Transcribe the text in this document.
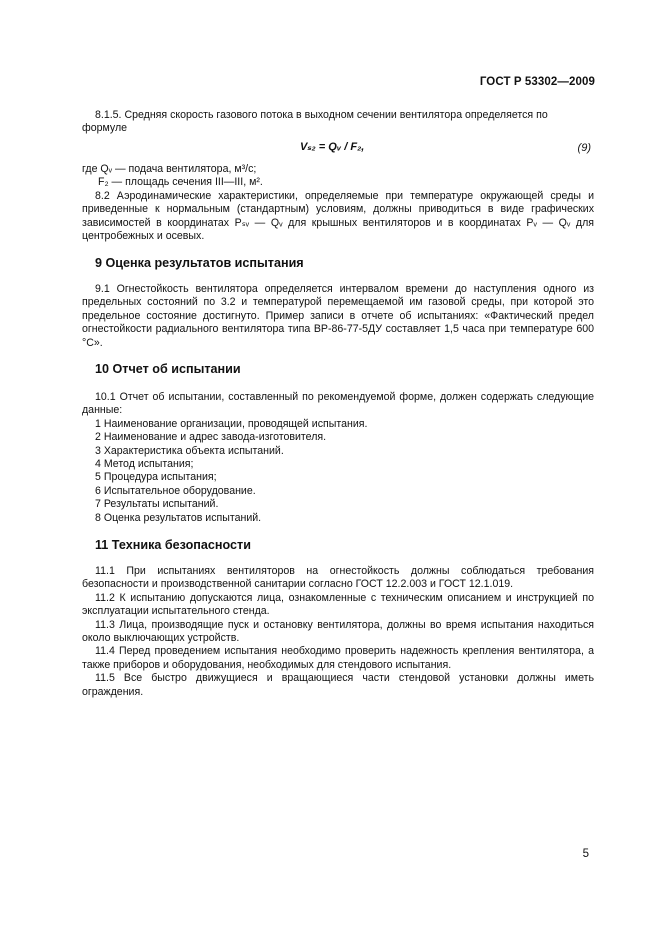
ГОСТ Р 53302—2009

8.1.5. Средняя скорость газового потока в выходном сечении вентилятора определяется по

формуле

Vₛ₂ = Qᵥ / F₂,	(9)

где Qᵥ — подача вентилятора, м³/с;

F₂ — площадь сечения III—III, м².

8.2 Аэродинамические характеристики, определяемые при температуре окружающей среды и приведенные к нормальным (стандартным) условиям, должны приводиться в виде графических зависимостей в координатах Pₛᵥ — Qᵥ для крышных вентиляторов и в координатах Pᵥ — Qᵥ для центробежных и осевых.

9 Оценка результатов испытания

9.1 Огнестойкость вентилятора определяется интервалом времени до наступления одного из предельных состояний по 3.2 и температурой перемещаемой им газовой среды, при которой это предельное состояние достигнуто. Пример записи в отчете об испытаниях: «Фактический предел огнестойкости радиального вентилятора типа ВР-86-77-5ДУ составляет 1,5 часа при температуре 600 °С».

10 Отчет об испытании

10.1 Отчет об испытании, составленный по рекомендуемой форме, должен содержать следующие данные:

1 Наименование организации, проводящей испытания.
2 Наименование и адрес завода-изготовителя.
3 Характеристика объекта испытаний.
4 Метод испытания;
5 Процедура испытания;
6 Испытательное оборудование.
7 Результаты испытаний.
8 Оценка результатов испытаний.
11 Техника безопасности

11.1 При испытаниях вентиляторов на огнестойкость должны соблюдаться требования безопасности и производственной санитарии согласно ГОСТ 12.2.003 и ГОСТ 12.1.019.

11.2 К испытанию допускаются лица, ознакомленные с техническим описанием и инструкцией по эксплуатации испытательного стенда.

11.3 Лица, производящие пуск и остановку вентилятора, должны во время испытания находиться около выключающих устройств.

11.4 Перед проведением испытания необходимо проверить надежность крепления вентилятора, а также приборов и оборудования, необходимых для стендового испытания.

11.5 Все быстро движущиеся и вращающиеся части стендовой установки должны иметь ограждения.

5
